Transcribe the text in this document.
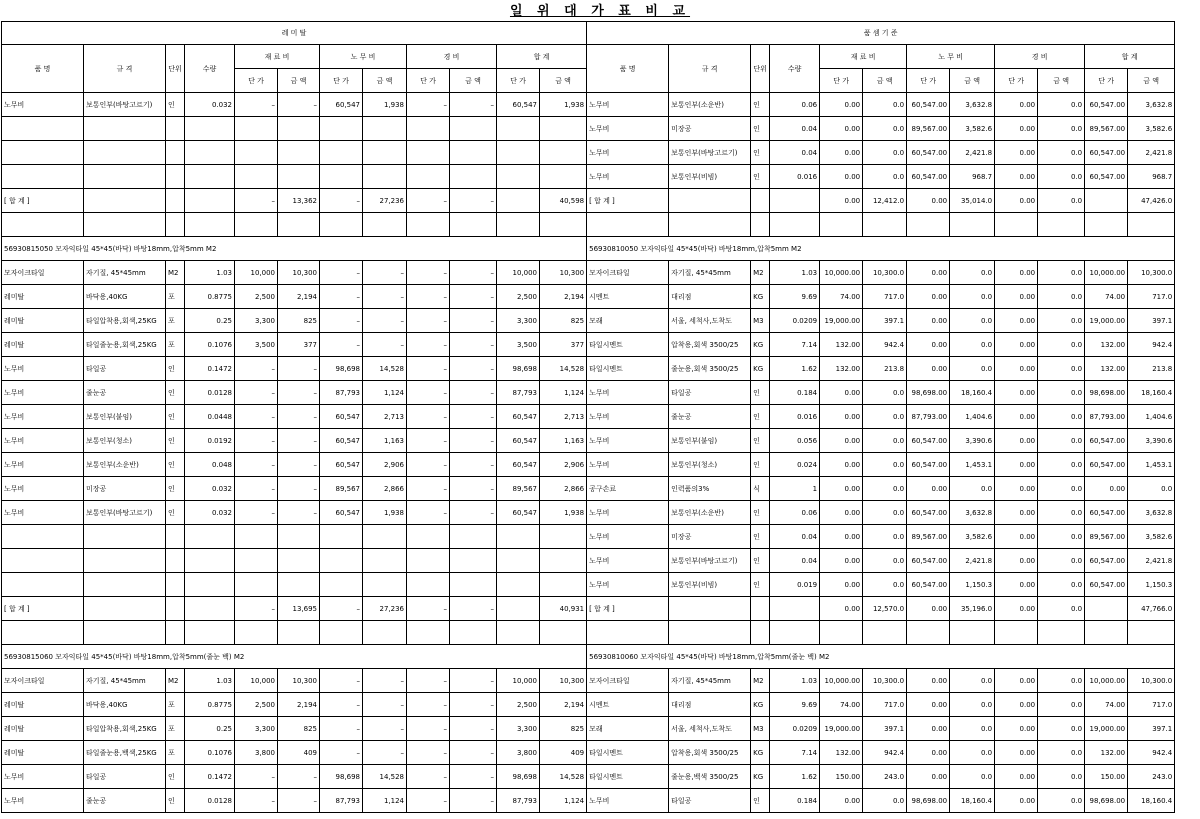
일 위 대 가 표 비 교
레 미 탈											
품 명	규 격	단위	수량	재 료 비		노 무 비		경 비		합 계	
				단 가	금 액	단 가	금 액	단 가	금 액	단 가	금 액
노무비	보통인부(바탕고르기)	인	0.032	–	–	60,547	1,938	–	–	60,547	1,938

[ 합 계 ]				–	13,362	–	27,236	–	–		40,598

56930815050 모자익타일 45*45(바닥) 바탕18mm,압착5mm M2											
모자이크타일	자기질, 45*45mm	M2	1.03	10,000	10,300	–	–	–	–	10,000	10,300
레미탈	바닥용,40KG	포	0.8775	2,500	2,194	–	–	–	–	2,500	2,194
레미탈	타일압착용,회색,25KG	포	0.25	3,300	825	–	–	–	–	3,300	825
레미탈	타일줄눈용,회색,25KG	포	0.1076	3,500	377	–	–	–	–	3,500	377
노무비	타일공	인	0.1472	–	–	98,698	14,528	–	–	98,698	14,528
노무비	줄눈공	인	0.0128	–	–	87,793	1,124	–	–	87,793	1,124
노무비	보통인부(붙임)	인	0.0448	–	–	60,547	2,713	–	–	60,547	2,713
노무비	보통인부(청소)	인	0.0192	–	–	60,547	1,163	–	–	60,547	1,163
노무비	보통인부(소운반)	인	0.048	–	–	60,547	2,906	–	–	60,547	2,906
노무비	미장공	인	0.032	–	–	89,567	2,866	–	–	89,567	2,866
노무비	보통인부(바탕고르기)	인	0.032	–	–	60,547	1,938	–	–	60,547	1,938

[ 합 계 ]				–	13,695	–	27,236	–	–		40,931

56930815060 모자익타일 45*45(바닥) 바탕18mm,압착5mm(줄눈 백) M2											
모자이크타일	자기질, 45*45mm	M2	1.03	10,000	10,300	–	–	–	–	10,000	10,300
레미탈	바닥용,40KG	포	0.8775	2,500	2,194	–	–	–	–	2,500	2,194
레미탈	타일압착용,회색,25KG	포	0.25	3,300	825	–	–	–	–	3,300	825
레미탈	타일줄눈용,백색,25KG	포	0.1076	3,800	409	–	–	–	–	3,800	409
노무비	타일공	인	0.1472	–	–	98,698	14,528	–	–	98,698	14,528
노무비	줄눈공	인	0.0128	–	–	87,793	1,124	–	–	87,793	1,124
품 셈 기 준											
품 명	규 격	단위	수량	재 료 비		노 무 비		경 비		합 계	
				단 가	금 액	단 가	금 액	단 가	금 액	단 가	금 액
노무비	보통인부(소운반)	인	0.06	0.00	0.0	60,547.00	3,632.8	0.00	0.0	60,547.00	3,632.8
노무비	미장공	인	0.04	0.00	0.0	89,567.00	3,582.6	0.00	0.0	89,567.00	3,582.6
노무비	보통인부(바탕고르기)	인	0.04	0.00	0.0	60,547.00	2,421.8	0.00	0.0	60,547.00	2,421.8
노무비	보통인부(비빔)	인	0.016	0.00	0.0	60,547.00	968.7	0.00	0.0	60,547.00	968.7
[ 합 계 ]				0.00	12,412.0	0.00	35,014.0	0.00	0.0		47,426.0

56930810050 모자익타일 45*45(바닥) 바탕18mm,압착5mm M2											
모자이크타일	자기질, 45*45mm	M2	1.03	10,000.00	10,300.0	0.00	0.0	0.00	0.0	10,000.00	10,300.0
시멘트	대리점	KG	9.69	74.00	717.0	0.00	0.0	0.00	0.0	74.00	717.0
모래	서울, 세척사,도착도	M3	0.0209	19,000.00	397.1	0.00	0.0	0.00	0.0	19,000.00	397.1
타일시멘트	압착용,회색 3500/25	KG	7.14	132.00	942.4	0.00	0.0	0.00	0.0	132.00	942.4
타일시멘트	줄눈용,회색 3500/25	KG	1.62	132.00	213.8	0.00	0.0	0.00	0.0	132.00	213.8
노무비	타일공	인	0.184	0.00	0.0	98,698.00	18,160.4	0.00	0.0	98,698.00	18,160.4
노무비	줄눈공	인	0.016	0.00	0.0	87,793.00	1,404.6	0.00	0.0	87,793.00	1,404.6
노무비	보통인부(붙임)	인	0.056	0.00	0.0	60,547.00	3,390.6	0.00	0.0	60,547.00	3,390.6
노무비	보통인부(청소)	인	0.024	0.00	0.0	60,547.00	1,453.1	0.00	0.0	60,547.00	1,453.1
공구손료	인력품의3%	식	1	0.00	0.0	0.00	0.0	0.00	0.0	0.00	0.0
노무비	보통인부(소운반)	인	0.06	0.00	0.0	60,547.00	3,632.8	0.00	0.0	60,547.00	3,632.8
노무비	미장공	인	0.04	0.00	0.0	89,567.00	3,582.6	0.00	0.0	89,567.00	3,582.6
노무비	보통인부(바탕고르기)	인	0.04	0.00	0.0	60,547.00	2,421.8	0.00	0.0	60,547.00	2,421.8
노무비	보통인부(비빔)	인	0.019	0.00	0.0	60,547.00	1,150.3	0.00	0.0	60,547.00	1,150.3
[ 합 계 ]				0.00	12,570.0	0.00	35,196.0	0.00	0.0		47,766.0

56930810060 모자익타일 45*45(바닥) 바탕18mm,압착5mm(줄눈 백) M2											
모자이크타일	자기질, 45*45mm	M2	1.03	10,000.00	10,300.0	0.00	0.0	0.00	0.0	10,000.00	10,300.0
시멘트	대리점	KG	9.69	74.00	717.0	0.00	0.0	0.00	0.0	74.00	717.0
모래	서울, 세척사,도착도	M3	0.0209	19,000.00	397.1	0.00	0.0	0.00	0.0	19,000.00	397.1
타일시멘트	압착용,회색 3500/25	KG	7.14	132.00	942.4	0.00	0.0	0.00	0.0	132.00	942.4
타일시멘트	줄눈용,백색 3500/25	KG	1.62	150.00	243.0	0.00	0.0	0.00	0.0	150.00	243.0
노무비	타일공	인	0.184	0.00	0.0	98,698.00	18,160.4	0.00	0.0	98,698.00	18,160.4
